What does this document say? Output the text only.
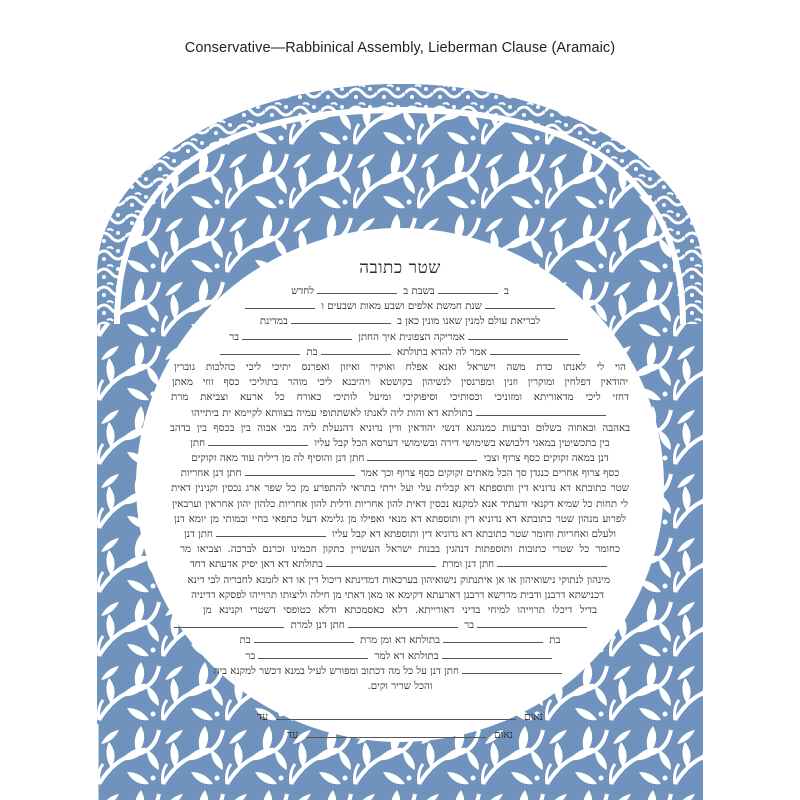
Conservative—Rabbinical Assembly, Lieberman Clause (Aramaic)
שטר כתובה
ב בשבת ב לחדש
שנת חמשת אלפים ושבע מאות ושבעים ו
לבריאת עולם למנין שאנו מונין כאן ב במדינת
אמריקה הצפונית איך החתן בר
אמר לה להדא בתולתא בת
הוי לי לאנתו כדת משה וישראל ואנא אפלח ואוקיר ואיזון ואפרנס יתיכי ליכי כהלכות גוברין
יהודאין דפלחין ומוקרין וזנין ומפרנסין לנשיהון בקושטא ויהיבנא ליכי מוהר בתוליכי כסף זוזי מאתן
דחזי ליכי מדאוריתא ומזוניכי וכסותיכי וסיפוקיכי ומיעל לותיכי כאורח כל ארעא וצביאת מרת
בתולתא דא והות ליה לאנתו לאשתתופי עמיה בצוותא לקיימא ית ביתייהו
באהבה ובאחוה בשלום וברעות כמנהגא דנשי יהודאין ודין נדוניא דהנעלת ליה מבי אבוה בין בכסף בין בדהב
בין בתכשיטין במאני דלבושא בשימושי דירה ובשימושי דערסא הכל קבל עליו חתן
דנן במאה זקוקים כסף צרוף וצבי חתן דנן והוסיף לה מן דיליה עוד מאה זקוקים
כסף צרוף אחרים כנגדן סך הכל מאתים זקוקים כסף צרוף וכך אמר חתן דנן אחריות
שטר כתובתא דא נדוניא דין ותוספתא דא קבלית עלי ועל ירתי בתראי להתפרע מן כל שפר ארג נכסין וקנינין דאית
לי תחות כל שמיא דקנאי ודעתיד אנא למקנא נכסין דאית להון אחריות ודלית להון אחריות כלהון יהון אחראין וערבאין
לפרוע מנהון שטר כתובתא דא נדוניא דין ותוספתא דא מנאי ואפילו מן גלימא דעל כתפאי בחיי ובמותי מן יומא דנן
ולעלם ואחריות וחומר שטר כתובתא דא נדוניא דין ותוספתא דא קבל עליו חתן דנן
כחומר כל שטרי כתובות ותוספתות דנהגין בבנות ישראל העשויין כתקון חכמינו זכרנם לברכה. וצביאו מר
חתן דנן ומרת בתולתא דא דאן יסיק אדעתא דחד
מינהון לנתוקי נישואיהון או אן איתנתוק נישואיהון בערכאות דמדינתא דיכול דין או דא לזמנא לחבריה לבי דינא
דכנישתא דרבנן ודבית מדרשא דרבנן דארעתא דקימא או מאן דאתי מן חילה וליצותו תרוייהו לפסקא דדיניה
בדיל דיכלו תרוייהו למיחי בדיני דאורייתא. דלא כאסמכתא ודלא כטופסי דשטרי וקנינא מן
בר חתן דנן למרת
בת בתולתא דא ומן מרת בת
בתולתא דא למר בר
חתן דנן על כל מה דכתוב ומפורש לעיל במנא דכשר למקנא ביה
והכל שריר וקים.
נאוםעד
נאוםעד
